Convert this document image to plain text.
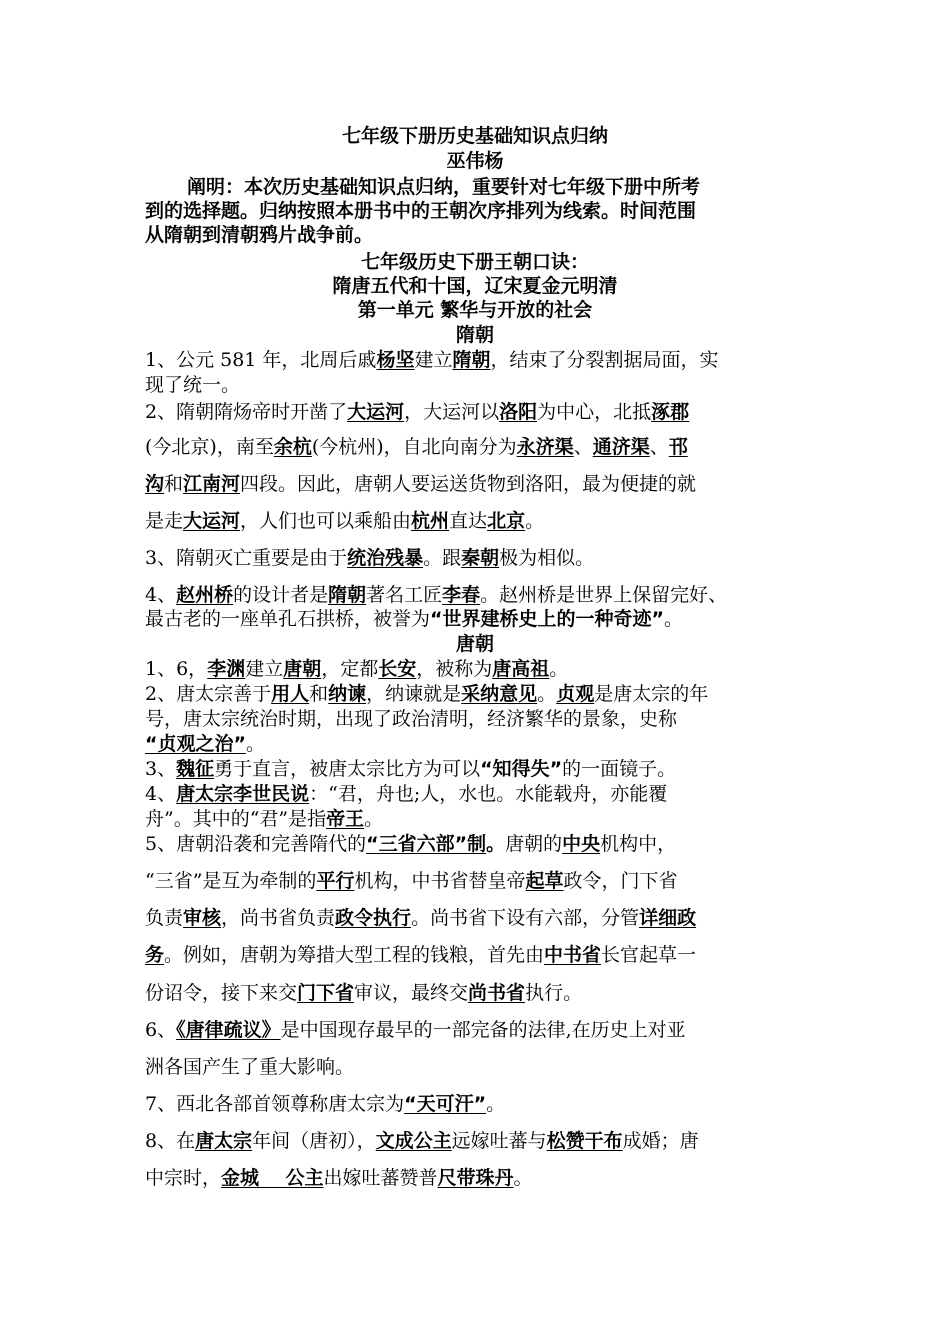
七年级下册历史基础知识点归纳
巫伟杨
阐明：本次历史基础知识点归纳，重要针对七年级下册中所考
到的选择题。归纳按照本册书中的王朝次序排列为线索。时间范围
从隋朝到清朝鸦片战争前。
七年级历史下册王朝口诀：
隋唐五代和十国，辽宋夏金元明清
第一单元 繁华与开放的社会
隋朝
1、公元 581 年，北周后戚杨坚建立隋朝，结束了分裂割据局面，实
现了统一。
2、隋朝隋炀帝时开凿了大运河，大运河以洛阳为中心，北抵涿郡
(今北京)，南至余杭(今杭州)，自北向南分为永济渠、通济渠、邗
沟和江南河四段。因此，唐朝人要运送货物到洛阳，最为便捷的就
是走大运河，人们也可以乘船由杭州直达北京。
3、隋朝灭亡重要是由于统治残暴。跟秦朝极为相似。
4、赵州桥的设计者是隋朝著名工匠李春。赵州桥是世界上保留完好、
最古老的一座单孔石拱桥，被誉为“世界建桥史上的一种奇迹”。
唐朝
1、6，李渊建立唐朝，定都长安，被称为唐高祖。
2、唐太宗善于用人和纳谏，纳谏就是采纳意见。贞观是唐太宗的年
号，唐太宗统治时期，出现了政治清明，经济繁华的景象，史称
“贞观之治”。
3、魏征勇于直言，被唐太宗比方为可以“知得失”的一面镜子。
4、唐太宗李世民说：“君，舟也;人，水也。水能载舟，亦能覆
舟”。其中的“君”是指帝王。
5、唐朝沿袭和完善隋代的“三省六部”制。唐朝的中央机构中，
“三省”是互为牵制的平行机构，中书省替皇帝起草政令，门下省
负责审核，尚书省负责政令执行。尚书省下设有六部，分管详细政
务。例如，唐朝为筹措大型工程的钱粮，首先由中书省长官起草一
份诏令，接下来交门下省审议，最终交尚书省执行。
6、《唐律疏议》是中国现存最早的一部完备的法律,在历史上对亚
洲各国产生了重大影响。
7、西北各部首领尊称唐太宗为“天可汗”。
8、在唐太宗年间（唐初），文成公主远嫁吐蕃与松赞干布成婚；唐
中宗时，金城    公主出嫁吐蕃赞普尺带珠丹。
